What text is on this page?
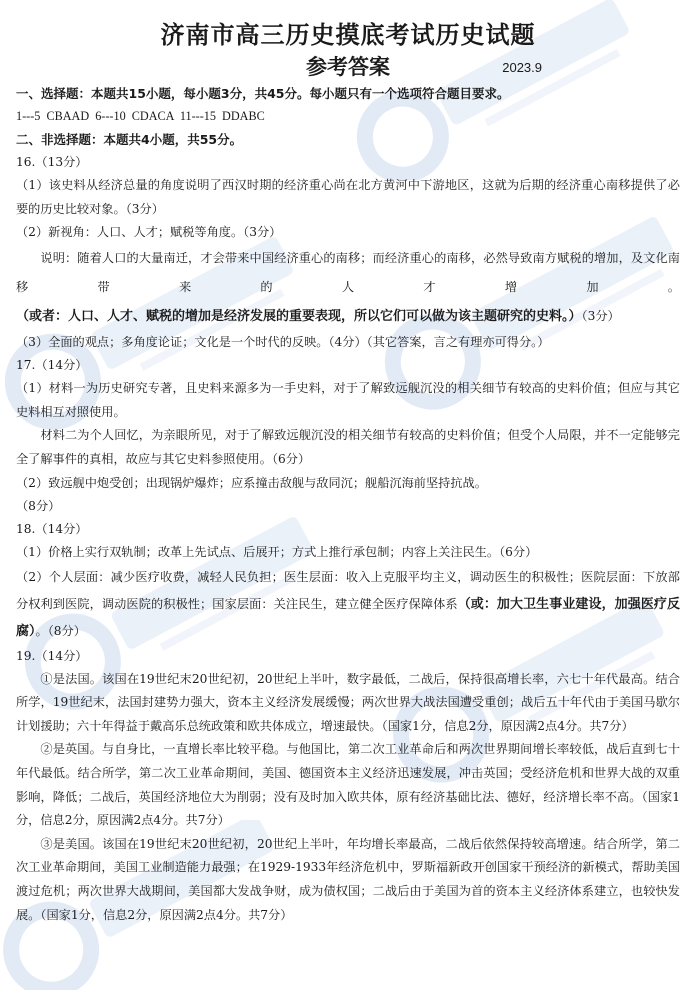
济南市高三历史摸底考试历史试题
参考答案	2023.9

一、选择题：本题共15小题，每小题3分，共45分。每小题只有一个选项符合题目要求。

1---5  CBAAD  6---10  CDACA  11---15  DDABC

二、非选择题：本题共4小题，共55分。

16.（13分）

（1）该史料从经济总量的角度说明了西汉时期的经济重心尚在北方黄河中下游地区，这就为后期的经济重心南移提供了必要的历史比较对象。（3分）

（2）新视角：人口、人才；赋税等角度。（3分）

说明：随着人口的大量南迁，才会带来中国经济重心的南移；而经济重心的南移，必然导致南方赋税的增加，及文化南移带来的人才增加。（或者：人口、人才、赋税的增加是经济发展的重要表现，所以它们可以做为该主题研究的史料。）（3分）

（3）全面的观点；多角度论证；文化是一个时代的反映。（4分）（其它答案，言之有理亦可得分。）

17.（14分）

（1）材料一为历史研究专著，且史料来源多为一手史料，对于了解致远舰沉没的相关细节有较高的史料价值；但应与其它史料相互对照使用。

材料二为个人回忆，为亲眼所见，对于了解致远舰沉没的相关细节有较高的史料价值；但受个人局限，并不一定能够完全了解事件的真相，故应与其它史料参照使用。（6分）

（2）致远舰中炮受创；出现锅炉爆炸；应系撞击敌舰与敌同沉；舰船沉海前坚持抗战。

（8分）

18.（14分）

（1）价格上实行双轨制；改革上先试点、后展开；方式上推行承包制；内容上关注民生。（6分）

（2）个人层面：减少医疗收费，减轻人民负担；医生层面：收入上克服平均主义，调动医生的积极性；医院层面：下放部分权利到医院，调动医院的积极性；国家层面：关注民生，建立健全医疗保障体系（或：加大卫生事业建设，加强医疗反腐）。（8分）

19.（14分）

①是法国。该国在19世纪末20世纪初，20世纪上半叶，数字最低，二战后，保持很高增长率，六七十年代最高。结合所学，19世纪末，法国封建势力强大，资本主义经济发展缓慢；两次世界大战法国遭受重创；战后五十年代由于美国马歇尔计划援助；六十年得益于戴高乐总统政策和欧共体成立，增速最快。（国家1分，信息2分，原因满2点4分。共7分）

②是英国。与自身比，一直增长率比较平稳。与他国比，第二次工业革命后和两次世界期间增长率较低，战后直到七十年代最低。结合所学，第二次工业革命期间，美国、德国资本主义经济迅速发展，冲击英国；受经济危机和世界大战的双重影响，降低；二战后，英国经济地位大为削弱；没有及时加入欧共体，原有经济基础比法、德好，经济增长率不高。（国家1分，信息2分，原因满2点4分。共7分）

③是美国。该国在19世纪末20世纪初，20世纪上半叶，年均增长率最高，二战后依然保持较高增速。结合所学，第二次工业革命期间，美国工业制造能力最强；在1929-1933年经济危机中，罗斯福新政开创国家干预经济的新模式，帮助美国渡过危机；两次世界大战期间，美国都大发战争财，成为债权国；二战后由于美国为首的资本主义经济体系建立，也较快发展。（国家1分，信息2分，原因满2点4分。共7分）
